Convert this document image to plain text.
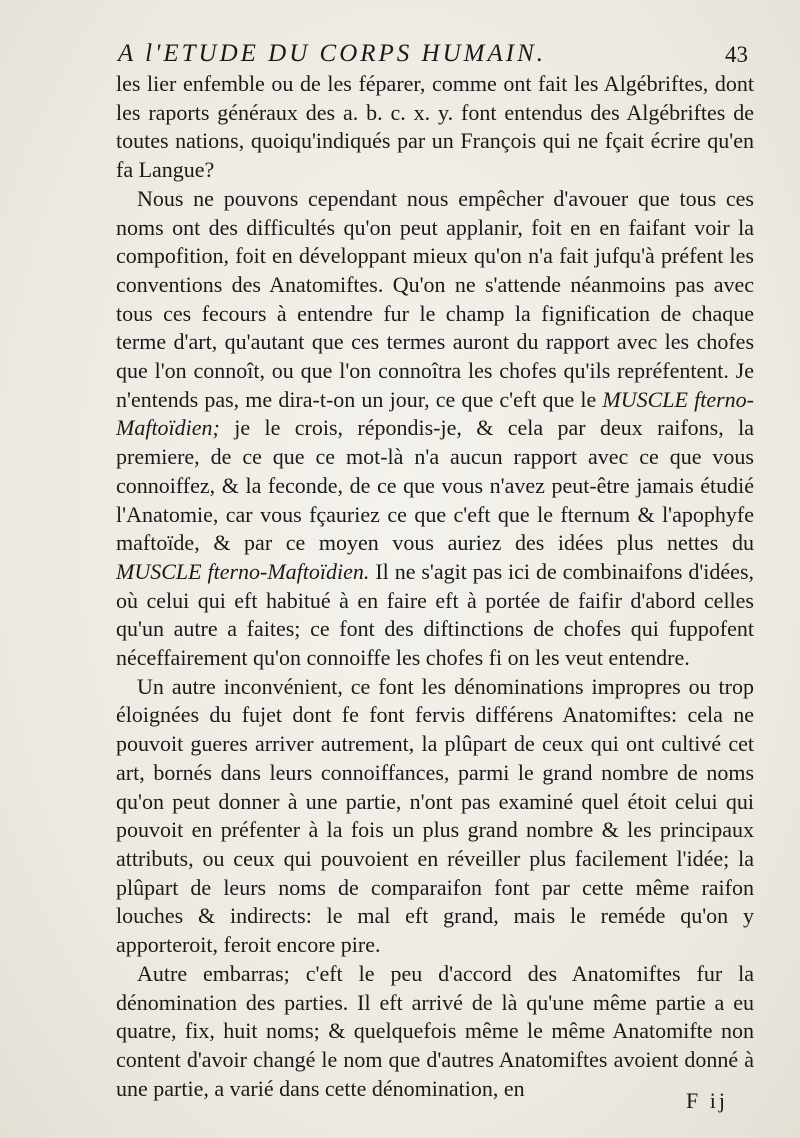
A l'ETUDE DU CORPS HUMAIN.	43

les lier enfemble ou de les féparer, comme ont fait les Algébriftes, dont les raports généraux des a. b. c. x. y. font entendus des Algébriftes de toutes nations, quoiqu'indiqués par un François qui ne fçait écrire qu'en fa Langue?

Nous ne pouvons cependant nous empêcher d'avouer que tous ces noms ont des difficultés qu'on peut applanir, foit en en faifant voir la compofition, foit en développant mieux qu'on n'a fait jufqu'à préfent les conventions des Anatomiftes. Qu'on ne s'attende néanmoins pas avec tous ces fecours à entendre fur le champ la fignification de chaque terme d'art, qu'autant que ces termes auront du rapport avec les chofes que l'on connoît, ou que l'on connoîtra les chofes qu'ils repréfentent. Je n'entends pas, me dira-t-on un jour, ce que c'eft que le MUSCLE fterno-Maftoïdien; je le crois, répondis-je, & cela par deux raifons, la premiere, de ce que ce mot-là n'a aucun rapport avec ce que vous connoiffez, & la feconde, de ce que vous n'avez peut-être jamais étudié l'Anatomie, car vous fçauriez ce que c'eft que le fternum & l'apophyfe maftoïde, & par ce moyen vous auriez des idées plus nettes du MUSCLE fterno-Maftoïdien. Il ne s'agit pas ici de combinaifons d'idées, où celui qui eft habitué à en faire eft à portée de faifir d'abord celles qu'un autre a faites; ce font des diftinctions de chofes qui fuppofent néceffairement qu'on connoiffe les chofes fi on les veut entendre.

Un autre inconvénient, ce font les dénominations impropres ou trop éloignées du fujet dont fe font fervis différens Anatomiftes: cela ne pouvoit gueres arriver autrement, la plûpart de ceux qui ont cultivé cet art, bornés dans leurs connoiffances, parmi le grand nombre de noms qu'on peut donner à une partie, n'ont pas examiné quel étoit celui qui pouvoit en préfenter à la fois un plus grand nombre & les principaux attributs, ou ceux qui pouvoient en réveiller plus facilement l'idée; la plûpart de leurs noms de comparaifon font par cette même raifon louches & indirects: le mal eft grand, mais le reméde qu'on y apporteroit, feroit encore pire.

Autre embarras; c'eft le peu d'accord des Anatomiftes fur la dénomination des parties. Il eft arrivé de là qu'une même partie a eu quatre, fix, huit noms; & quelquefois même le même Anatomifte non content d'avoir changé le nom que d'autres Anatomiftes avoient donné à une partie, a varié dans cette dénomination, en	F ij
